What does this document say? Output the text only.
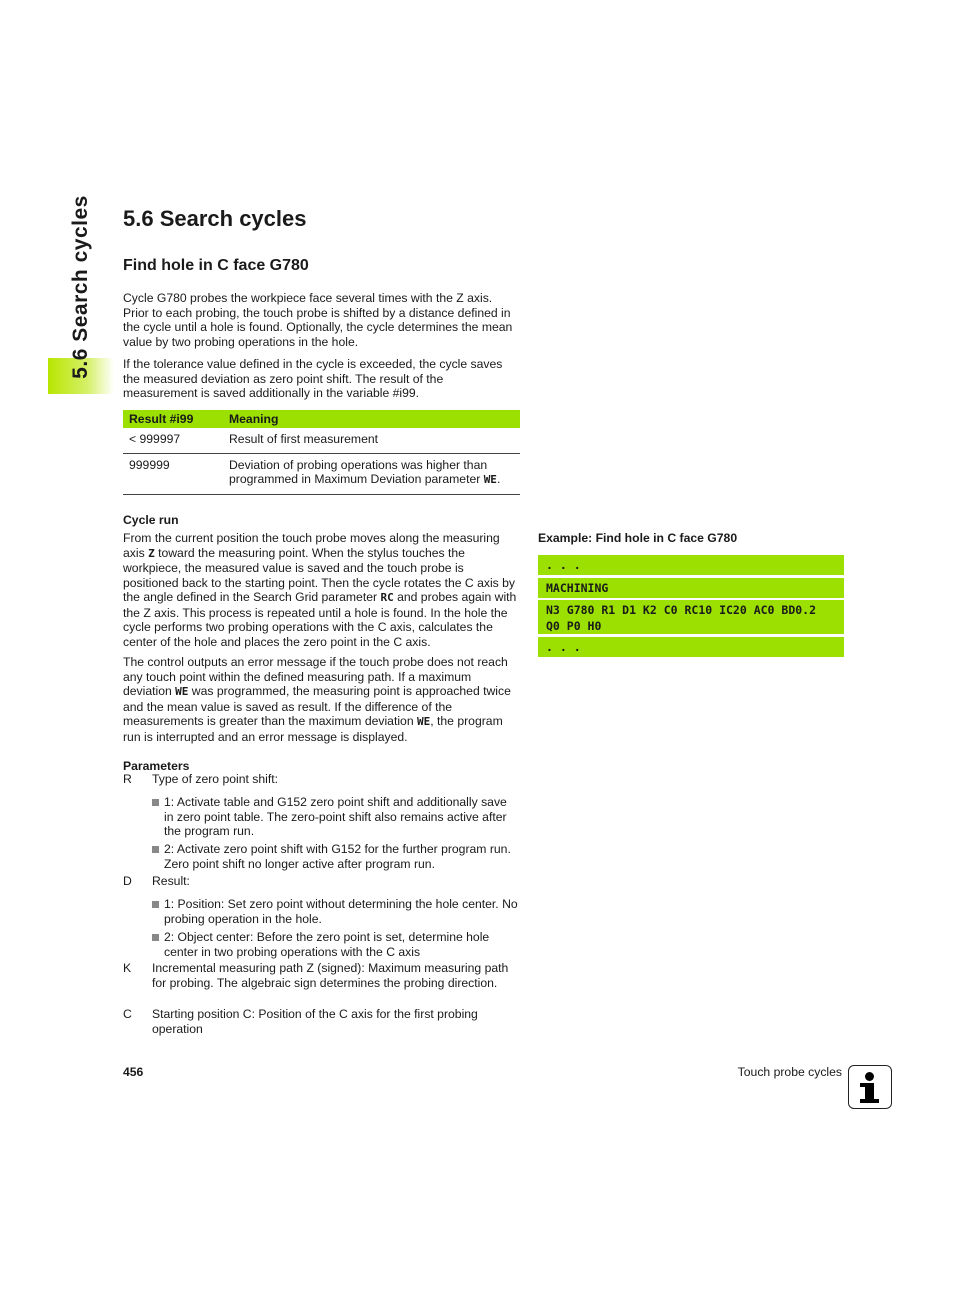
5.6 Search cycles 5.6 Search cycles
Find hole in C face G780

Cycle G780 probes the workpiece face several times with the Z axis. Prior to each probing, the touch probe is shifted by a distance defined in the cycle until a hole is found. Optionally, the cycle determines the mean value by two probing operations in the hole.

If the tolerance value defined in the cycle is exceeded, the cycle saves the measured deviation as zero point shift. The result of the measurement is saved additionally in the variable #i99.

Result #i99	Meaning
< 999997	Result of first measurement
999999	Deviation of probing operations was higher than programmed in Maximum Deviation parameter WE.

Cycle run

From the current position the touch probe moves along the measuring axis Z toward the measuring point. When the stylus touches the workpiece, the measured value is saved and the touch probe is positioned back to the starting point. Then the cycle rotates the C axis by the angle defined in the Search Grid parameter RC and probes again with the Z axis. This process is repeated until a hole is found. In the hole the cycle performs two probing operations with the C axis, calculates the center of the hole and places the zero point in the C axis.

The control outputs an error message if the touch probe does not reach any touch point within the defined measuring path. If a maximum deviation WE was programmed, the measuring point is approached twice and the mean value is saved as result. If the difference of the measurements is greater than the maximum deviation WE, the program run is interrupted and an error message is displayed.

Parameters

R	Type of zero point shift:
1: Activate table and G152 zero point shift and additionally save in zero point table. The zero-point shift also remains active after the program run.
2: Activate zero point shift with G152 for the further program run. Zero point shift no longer active after program run.
D	Result:
1: Position: Set zero point without determining the hole center. No probing operation in the hole.
2: Object center: Before the zero point is set, determine hole center in two probing operations with the C axis
K	Incremental measuring path Z (signed): Maximum measuring path for probing. The algebraic sign determines the probing direction.
C	Starting position C: Position of the C axis for the first probing operation
Example: Find hole in C face G780
. . .
MACHINING
N3 G780 R1 D1 K2 C0 RC10 IC20 AC0 BD0.2 Q0 P0 H0
. . .
456	Touch probe cycles
